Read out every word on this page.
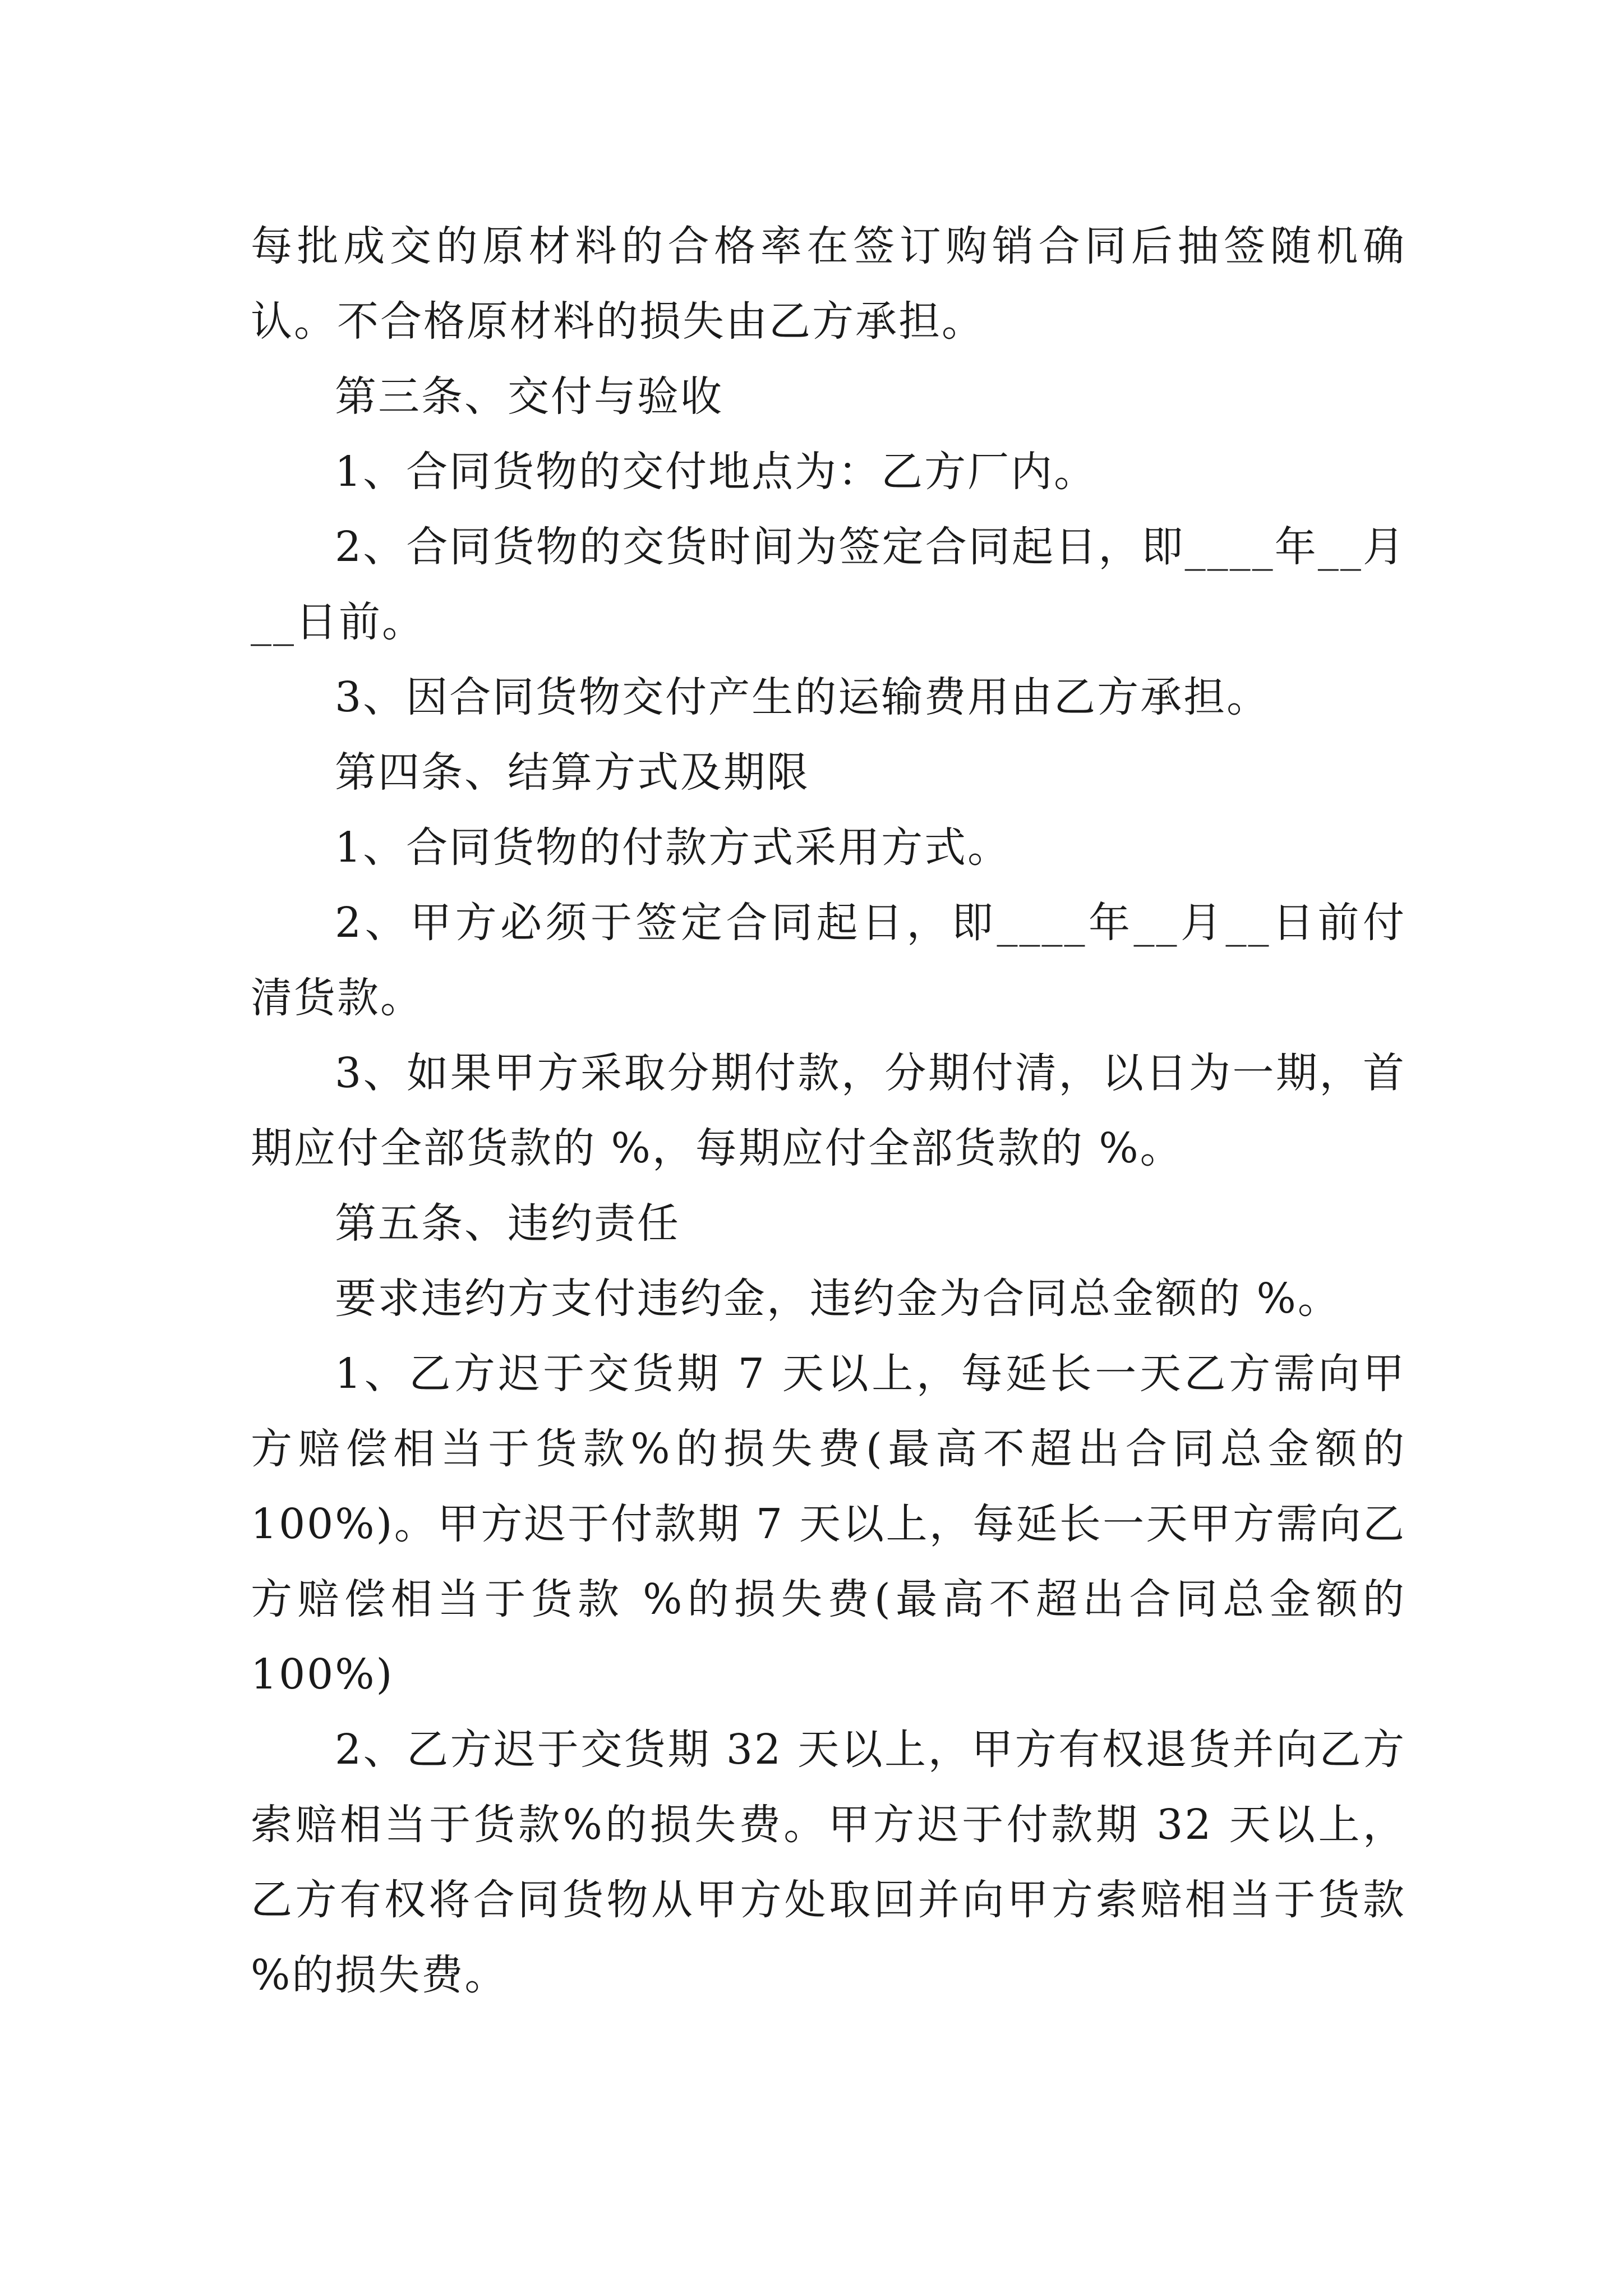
每批成交的原材料的合格率在签订购销合同后抽签随机确认。不合格原材料的损失由乙方承担。

第三条、交付与验收

1、合同货物的交付地点为：乙方厂内。

2、合同货物的交货时间为签定合同起日，即____年__月__日前。

3、因合同货物交付产生的运输费用由乙方承担。

第四条、结算方式及期限

1、合同货物的付款方式采用方式。

2、甲方必须于签定合同起日，即____年__月__日前付清货款。

3、如果甲方采取分期付款，分期付清，以日为一期，首期应付全部货款的 %，每期应付全部货款的 %。

第五条、违约责任

要求违约方支付违约金，违约金为合同总金额的 %。

1、乙方迟于交货期 7 天以上，每延长一天乙方需向甲方赔偿相当于货款%的损失费(最高不超出合同总金额的 100%)。甲方迟于付款期 7 天以上，每延长一天甲方需向乙方赔偿相当于货款 %的损失费(最高不超出合同总金额的 100%)

2、乙方迟于交货期 32 天以上，甲方有权退货并向乙方索赔相当于货款%的损失费。甲方迟于付款期 32 天以上，乙方有权将合同货物从甲方处取回并向甲方索赔相当于货款 %的损失费。
